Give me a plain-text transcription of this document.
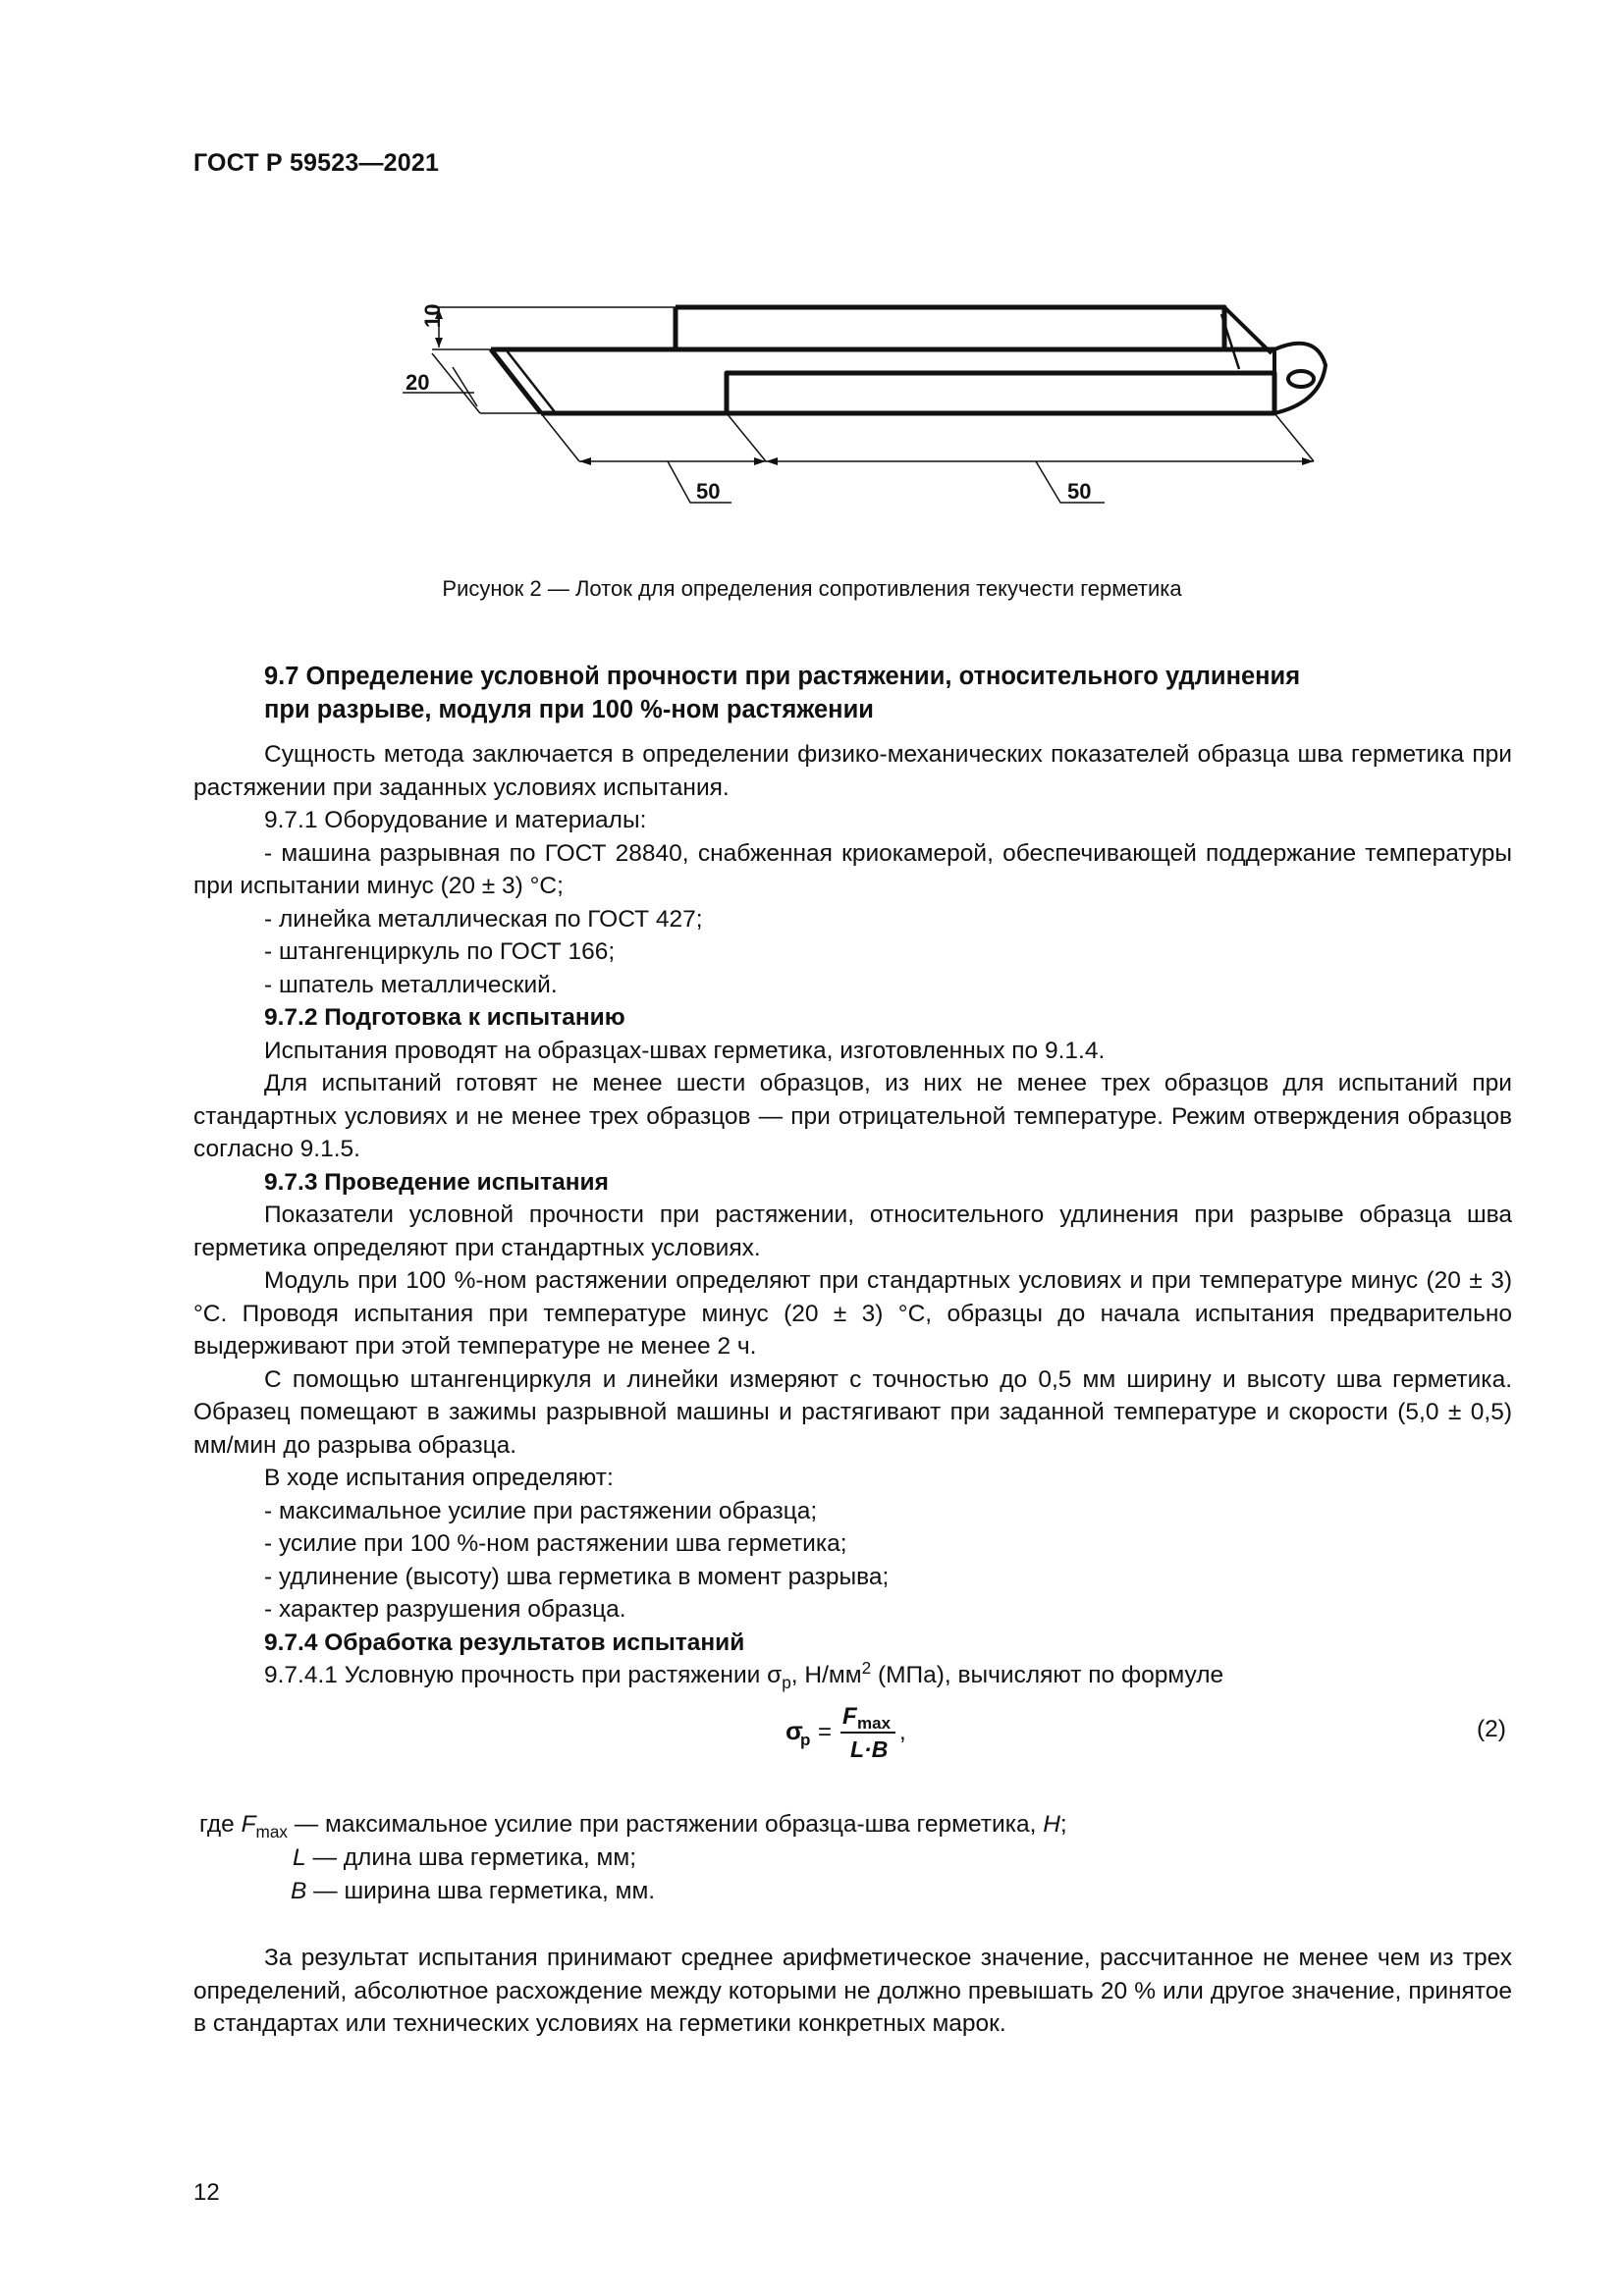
ГОСТ Р 59523—2021
10
20
50	50
Рисунок 2 — Лоток для определения сопротивления текучести герметика

9.7 Определение условной прочности при растяжении, относительного удлинения

при разрыве, модуля при 100 %-ном растяжении

Сущность метода заключается в определении физико-механических показателей образца шва герметика при растяжении при заданных условиях испытания.

9.7.1 Оборудование и материалы:

- машина разрывная по ГОСТ 28840, снабженная криокамерой, обеспечивающей поддержание температуры при испытании минус (20 ± 3) °С;

- линейка металлическая по ГОСТ 427;

- штангенциркуль по ГОСТ 166;

- шпатель металлический.

9.7.2 Подготовка к испытанию

Испытания проводят на образцах-швах герметика, изготовленных по 9.1.4.

Для испытаний готовят не менее шести образцов, из них не менее трех образцов для испытаний при стандартных условиях и не менее трех образцов — при отрицательной температуре. Режим отверждения образцов согласно 9.1.5.

9.7.3 Проведение испытания

Показатели условной прочности при растяжении, относительного удлинения при разрыве образца шва герметика определяют при стандартных условиях.

Модуль при 100 %-ном растяжении определяют при стандартных условиях и при температуре минус (20 ± 3) °С. Проводя испытания при температуре минус (20 ± 3) °С, образцы до начала испытания предварительно выдерживают при этой температуре не менее 2 ч.

С помощью штангенциркуля и линейки измеряют с точностью до 0,5 мм ширину и высоту шва герметика. Образец помещают в зажимы разрывной машины и растягивают при заданной температуре и скорости (5,0 ± 0,5) мм/мин до разрыва образца.

В ходе испытания определяют:

- максимальное усилие при растяжении образца;

- усилие при 100 %-ном растяжении шва герметика;

- удлинение (высоту) шва герметика в момент разрыва;

- характер разрушения образца.

9.7.4 Обработка результатов испытаний

9.7.4.1 Условную прочность при растяжении $\sigma_р$, $Н/мм^2$ (МПа), вычисляют по формуле

σ
р =
F max
L·B
,	(2)
где $F_{max}$ — максимальное усилие при растяжении образца-шва герметика, Н;
L — длина шва герметика, мм;
B — ширина шва герметика, мм.

За результат испытания принимают среднее арифметическое значение, рассчитанное не менее чем из трех определений, абсолютное расхождение между которыми не должно превышать 20 % или другое значение, принятое в стандартах или технических условиях на герметики конкретных марок.

12
